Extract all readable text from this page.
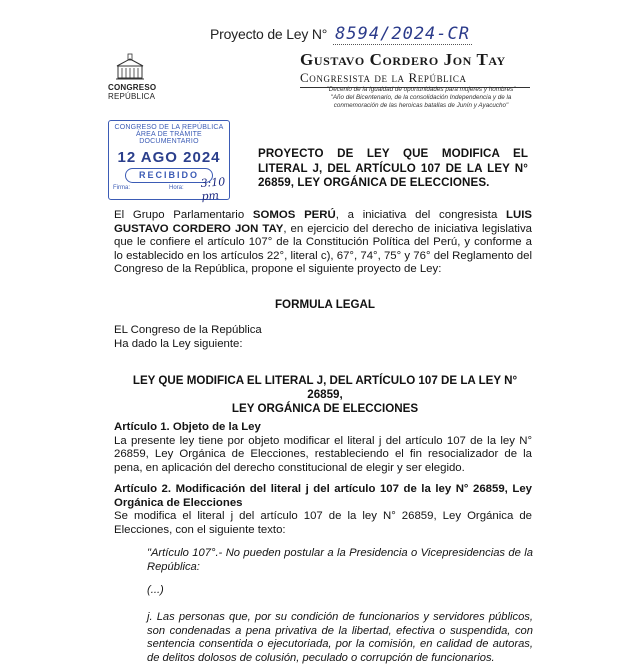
Proyecto de Ley N° 8594/2024-CR
CONGRESO
REPÚBLICA
Gustavo Cordero Jon Tay
Congresista de la República
"Decenio de la Igualdad de oportunidades para mujeres y hombres"
"Año del Bicentenario, de la consolidación Independencia y de la conmemoración de las heroicas batallas de Junín y Ayacucho"
CONGRESO DE LA REPÚBLICA
ÁREA DE TRÁMITE DOCUMENTARIO
12 AGO 2024
RECIBIDO
Firma:	Hora: 3:10 pm
PROYECTO DE LEY QUE MODIFICA EL LITERAL J, DEL ARTÍCULO 107 DE LA LEY N° 26859, LEY ORGÁNICA DE ELECCIONES.
El Grupo Parlamentario SOMOS PERÚ, a iniciativa del congresista LUIS GUSTAVO CORDERO JON TAY, en ejercicio del derecho de iniciativa legislativa que le confiere el artículo 107° de la Constitución Política del Perú, y conforme a lo establecido en los artículos 22°, literal c), 67°, 74°, 75° y 76° del Reglamento del Congreso de la República, propone el siguiente proyecto de Ley:
FORMULA LEGAL
EL Congreso de la República
Ha dado la Ley siguiente:
LEY QUE MODIFICA EL LITERAL J, DEL ARTÍCULO 107 DE LA LEY N° 26859,
LEY ORGÁNICA DE ELECCIONES
Artículo 1. Objeto de la Ley
La presente ley tiene por objeto modificar el literal j del artículo 107 de la ley N° 26859, Ley Orgánica de Elecciones, restableciendo el fin resocializador de la pena, en aplicación del derecho constitucional de elegir y ser elegido.
Artículo 2. Modificación del literal j del artículo 107 de la ley N° 26859, Ley Orgánica de Elecciones
Se modifica el literal j del artículo 107 de la ley N° 26859, Ley Orgánica de Elecciones, con el siguiente texto:
"Artículo 107°.- No pueden postular a la Presidencia o Vicepresidencias de la República:
(...)
j. Las personas que, por su condición de funcionarios y servidores públicos, son condenadas a pena privativa de la libertad, efectiva o suspendida, con sentencia consentida o ejecutoriada, por la comisión, en calidad de autoras, de delitos dolosos de colusión, peculado o corrupción de funcionarios.
